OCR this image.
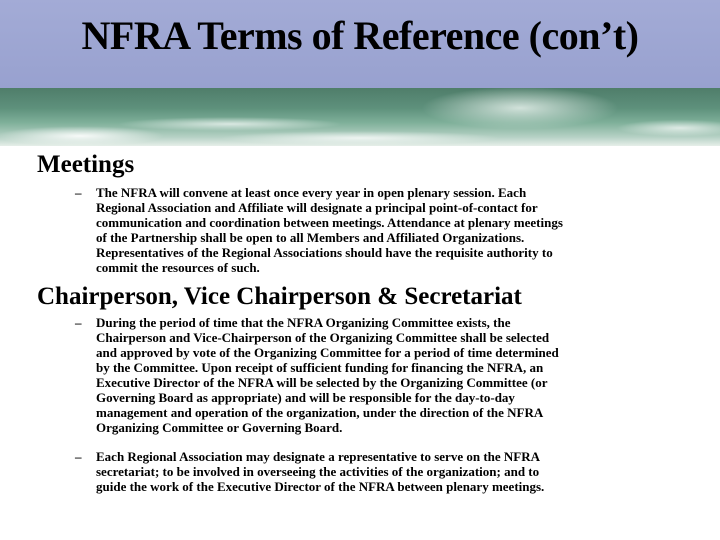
NFRA Terms of Reference (con’t)
Meetings
– The NFRA will convene at least once every year in open plenary session. Each
Regional Association and Affiliate will designate a principal point-of-contact for
communication and coordination between meetings. Attendance at plenary meetings
of the Partnership shall be open to all Members and Affiliated Organizations.
Representatives of the Regional Associations should have the requisite authority to
commit the resources of such.
Chairperson, Vice Chairperson & Secretariat
– During the period of time that the NFRA Organizing Committee exists, the
Chairperson and Vice-Chairperson of the Organizing Committee shall be selected
and approved by vote of the Organizing Committee for a period of time determined
by the Committee. Upon receipt of sufficient funding for financing the NFRA, an
Executive Director of the NFRA will be selected by the Organizing Committee (or
Governing Board as appropriate) and will be responsible for the day-to-day
management and operation of the organization, under the direction of the NFRA
Organizing Committee or Governing Board.
– Each Regional Association may designate a representative to serve on the NFRA
secretariat; to be involved in overseeing the activities of the organization; and to
guide the work of the Executive Director of the NFRA between plenary meetings.
